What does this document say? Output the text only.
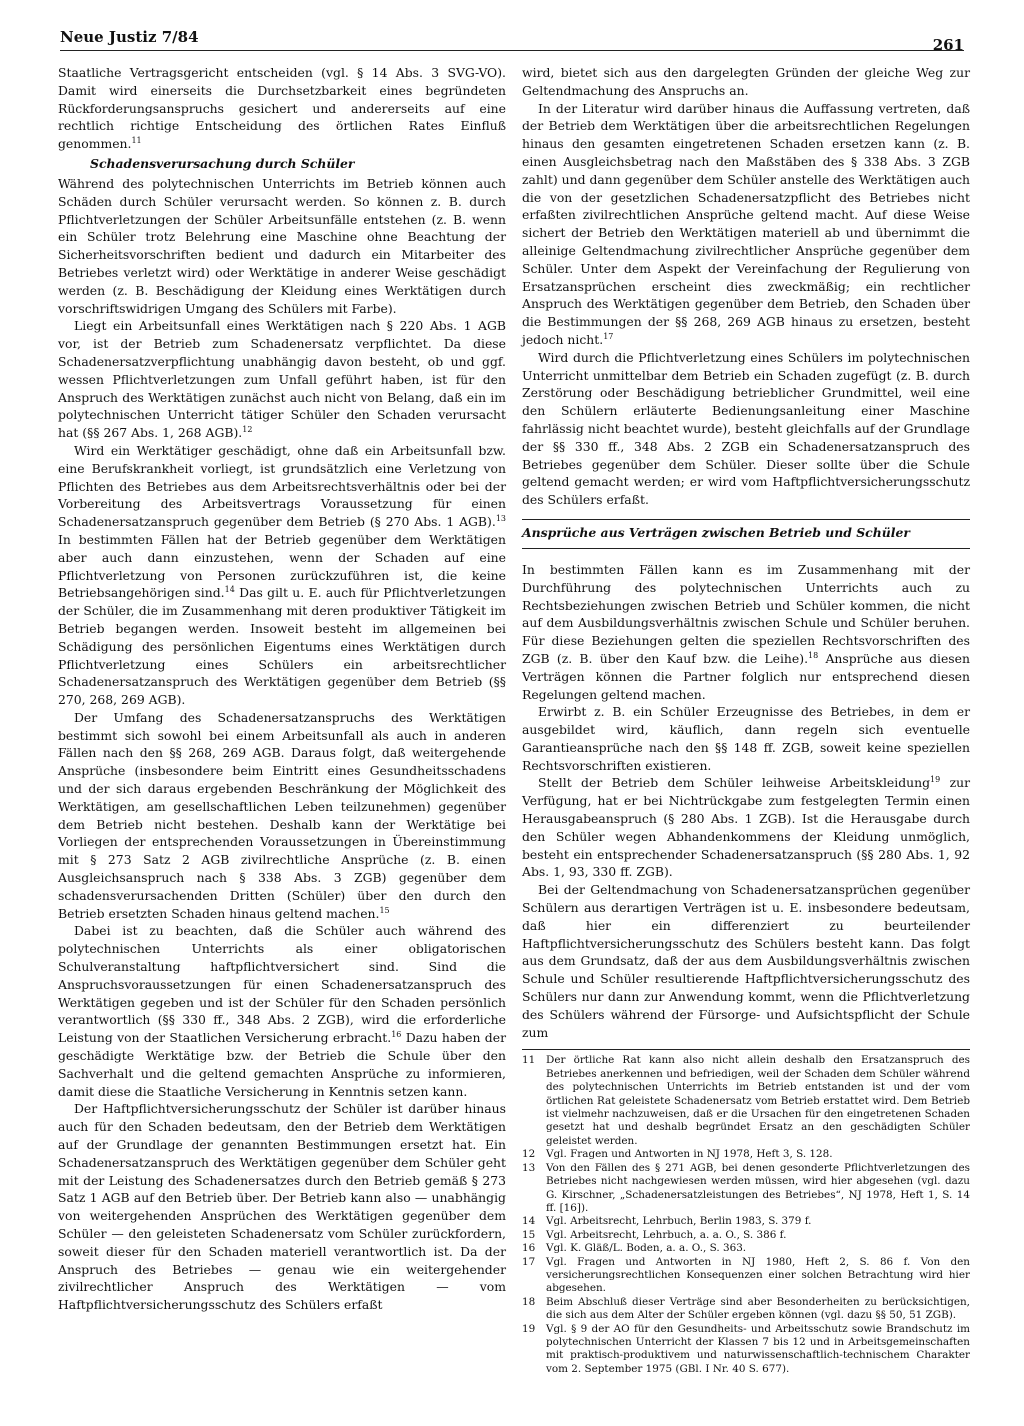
Neue Justiz 7/84	261

Staatliche Vertragsgericht entscheiden (vgl. § 14 Abs. 3 SVG-VO). Damit wird einerseits die Durchsetzbarkeit eines begründeten Rückforderungsanspruchs gesichert und andererseits auf eine rechtlich richtige Entscheidung des örtlichen Rates Einfluß genommen.$^{11}$

Schadensverursachung durch Schüler

Während des polytechnischen Unterrichts im Betrieb können auch Schäden durch Schüler verursacht werden. So können z. B. durch Pflichtverletzungen der Schüler Arbeitsunfälle entstehen (z. B. wenn ein Schüler trotz Belehrung eine Maschine ohne Beachtung der Sicherheitsvorschriften bedient und dadurch ein Mitarbeiter des Betriebes verletzt wird) oder Werktätige in anderer Weise geschädigt werden (z. B. Beschädigung der Kleidung eines Werktätigen durch vorschriftswidrigen Umgang des Schülers mit Farbe).

Liegt ein Arbeitsunfall eines Werktätigen nach § 220 Abs. 1 AGB vor, ist der Betrieb zum Schadenersatz verpflichtet. Da diese Schadenersatzverpflichtung unabhängig davon besteht, ob und ggf. wessen Pflichtverletzungen zum Unfall geführt haben, ist für den Anspruch des Werktätigen zunächst auch nicht von Belang, daß ein im polytechnischen Unterricht tätiger Schüler den Schaden verursacht hat (§§ 267 Abs. 1, 268 AGB).$^{12}$

Wird ein Werktätiger geschädigt, ohne daß ein Arbeitsunfall bzw. eine Berufskrankheit vorliegt, ist grundsätzlich eine Verletzung von Pflichten des Betriebes aus dem Arbeitsrechtsverhältnis oder bei der Vorbereitung des Arbeitsvertrags Voraussetzung für einen Schadenersatzanspruch gegenüber dem Betrieb (§ 270 Abs. 1 AGB).$^{13}$ In bestimmten Fällen hat der Betrieb gegenüber dem Werktätigen aber auch dann einzustehen, wenn der Schaden auf eine Pflichtverletzung von Personen zurückzuführen ist, die keine Betriebsangehörigen sind.$^{14}$ Das gilt u. E. auch für Pflichtverletzungen der Schüler, die im Zusammenhang mit deren produktiver Tätigkeit im Betrieb begangen werden. Insoweit besteht im allgemeinen bei Schädigung des persönlichen Eigentums eines Werktätigen durch Pflichtverletzung eines Schülers ein arbeitsrechtlicher Schadenersatzanspruch des Werktätigen gegenüber dem Betrieb (§§ 270, 268, 269 AGB).

Der Umfang des Schadenersatzanspruchs des Werktätigen bestimmt sich sowohl bei einem Arbeitsunfall als auch in anderen Fällen nach den §§ 268, 269 AGB. Daraus folgt, daß weitergehende Ansprüche (insbesondere beim Eintritt eines Gesundheitsschadens und der sich daraus ergebenden Beschränkung der Möglichkeit des Werktätigen, am gesellschaftlichen Leben teilzunehmen) gegenüber dem Betrieb nicht bestehen. Deshalb kann der Werktätige bei Vorliegen der entsprechenden Voraussetzungen in Übereinstimmung mit § 273 Satz 2 AGB zivilrechtliche Ansprüche (z. B. einen Ausgleichsanspruch nach § 338 Abs. 3 ZGB) gegenüber dem schadensverursachenden Dritten (Schüler) über den durch den Betrieb ersetzten Schaden hinaus geltend machen.$^{15}$

Dabei ist zu beachten, daß die Schüler auch während des polytechnischen Unterrichts als einer obligatorischen Schulveranstaltung haftpflichtversichert sind. Sind die Anspruchsvoraussetzungen für einen Schadenersatzanspruch des Werktätigen gegeben und ist der Schüler für den Schaden persönlich verantwortlich (§§ 330 ff., 348 Abs. 2 ZGB), wird die erforderliche Leistung von der Staatlichen Versicherung erbracht.$^{16}$ Dazu haben der geschädigte Werktätige bzw. der Betrieb die Schule über den Sachverhalt und die geltend gemachten Ansprüche zu informieren, damit diese die Staatliche Versicherung in Kenntnis setzen kann.

Der Haftpflichtversicherungsschutz der Schüler ist darüber hinaus auch für den Schaden bedeutsam, den der Betrieb dem Werktätigen auf der Grundlage der genannten Bestimmungen ersetzt hat. Ein Schadenersatzanspruch des Werktätigen gegenüber dem Schüler geht mit der Leistung des Schadenersatzes durch den Betrieb gemäß § 273 Satz 1 AGB auf den Betrieb über. Der Betrieb kann also — unabhängig von weitergehenden Ansprüchen des Werktätigen gegenüber dem Schüler — den geleisteten Schadenersatz vom Schüler zurückfordern, soweit dieser für den Schaden materiell verantwortlich ist. Da der Anspruch des Betriebes — genau wie ein weitergehender zivilrechtlicher Anspruch des Werktätigen — vom Haftpflichtversicherungsschutz des Schülers erfaßt

wird, bietet sich aus den dargelegten Gründen der gleiche Weg zur Geltendmachung des Anspruchs an.

In der Literatur wird darüber hinaus die Auffassung vertreten, daß der Betrieb dem Werktätigen über die arbeitsrechtlichen Regelungen hinaus den gesamten eingetretenen Schaden ersetzen kann (z. B. einen Ausgleichsbetrag nach den Maßstäben des § 338 Abs. 3 ZGB zahlt) und dann gegenüber dem Schüler anstelle des Werktätigen auch die von der gesetzlichen Schadenersatzpflicht des Betriebes nicht erfaßten zivilrechtlichen Ansprüche geltend macht. Auf diese Weise sichert der Betrieb den Werktätigen materiell ab und übernimmt die alleinige Geltendmachung zivilrechtlicher Ansprüche gegenüber dem Schüler. Unter dem Aspekt der Vereinfachung der Regulierung von Ersatzansprüchen erscheint dies zweckmäßig; ein rechtlicher Anspruch des Werktätigen gegenüber dem Betrieb, den Schaden über die Bestimmungen der §§ 268, 269 AGB hinaus zu ersetzen, besteht jedoch nicht.$^{17}$

Wird durch die Pflichtverletzung eines Schülers im polytechnischen Unterricht unmittelbar dem Betrieb ein Schaden zugefügt (z. B. durch Zerstörung oder Beschädigung betrieblicher Grundmittel, weil eine den Schülern erläuterte Bedienungsanleitung einer Maschine fahrlässig nicht beachtet wurde), besteht gleichfalls auf der Grundlage der §§ 330 ff., 348 Abs. 2 ZGB ein Schadenersatzanspruch des Betriebes gegenüber dem Schüler. Dieser sollte über die Schule geltend gemacht werden; er wird vom Haftpflichtversicherungsschutz des Schülers erfaßt.

Ansprüche aus Verträgen zwischen Betrieb und Schüler

In bestimmten Fällen kann es im Zusammenhang mit der Durchführung des polytechnischen Unterrichts auch zu Rechtsbeziehungen zwischen Betrieb und Schüler kommen, die nicht auf dem Ausbildungsverhältnis zwischen Schule und Schüler beruhen. Für diese Beziehungen gelten die speziellen Rechtsvorschriften des ZGB (z. B. über den Kauf bzw. die Leihe).$^{18}$ Ansprüche aus diesen Verträgen können die Partner folglich nur entsprechend diesen Regelungen geltend machen.

Erwirbt z. B. ein Schüler Erzeugnisse des Betriebes, in dem er ausgebildet wird, käuflich, dann regeln sich eventuelle Garantieansprüche nach den §§ 148 ff. ZGB, soweit keine speziellen Rechtsvorschriften existieren.

Stellt der Betrieb dem Schüler leihweise Arbeitskleidung$^{19}$ zur Verfügung, hat er bei Nichtrückgabe zum festgelegten Termin einen Herausgabeanspruch (§ 280 Abs. 1 ZGB). Ist die Herausgabe durch den Schüler wegen Abhandenkommens der Kleidung unmöglich, besteht ein entsprechender Schadenersatzanspruch (§§ 280 Abs. 1, 92 Abs. 1, 93, 330 ff. ZGB).

Bei der Geltendmachung von Schadenersatzansprüchen gegenüber Schülern aus derartigen Verträgen ist u. E. insbesondere bedeutsam, daß hier ein differenziert zu beurteilender Haftpflichtversicherungsschutz des Schülers besteht kann. Das folgt aus dem Grundsatz, daß der aus dem Ausbildungsverhältnis zwischen Schule und Schüler resultierende Haftpflichtversicherungsschutz des Schülers nur dann zur Anwendung kommt, wenn die Pflichtverletzung des Schülers während der Fürsorge- und Aufsichtspflicht der Schule zum

11	Der örtliche Rat kann also nicht allein deshalb den Ersatzanspruch des Betriebes anerkennen und befriedigen, weil der Schaden dem Schüler während des polytechnischen Unterrichts im Betrieb entstanden ist und der vom örtlichen Rat geleistete Schadenersatz vom Betrieb erstattet wird. Dem Betrieb ist vielmehr nachzuweisen, daß er die Ursachen für den eingetretenen Schaden gesetzt hat und deshalb begründet Ersatz an den geschädigten Schüler geleistet werden.
12	Vgl. Fragen und Antworten in NJ 1978, Heft 3, S. 128.
13	Von den Fällen des § 271 AGB, bei denen gesonderte Pflichtverletzungen des Betriebes nicht nachgewiesen werden müssen, wird hier abgesehen (vgl. dazu G. Kirschner, „Schadenersatzleistungen des Betriebes“, NJ 1978, Heft 1, S. 14 ff. [16]).
14	Vgl. Arbeitsrecht, Lehrbuch, Berlin 1983, S. 379 f.
15	Vgl. Arbeitsrecht, Lehrbuch, a. a. O., S. 386 f.
16	Vgl. K. Gläß/L. Boden, a. a. O., S. 363.
17	Vgl. Fragen und Antworten in NJ 1980, Heft 2, S. 86 f. Von den versicherungsrechtlichen Konsequenzen einer solchen Betrachtung wird hier abgesehen.
18	Beim Abschluß dieser Verträge sind aber Besonderheiten zu berücksichtigen, die sich aus dem Alter der Schüler ergeben können (vgl. dazu §§ 50, 51 ZGB).
19	Vgl. § 9 der AO für den Gesundheits- und Arbeitsschutz sowie Brandschutz im polytechnischen Unterricht der Klassen 7 bis 12 und in Arbeitsgemeinschaften mit praktisch-produktivem und naturwissenschaftlich-technischem Charakter vom 2. September 1975 (GBl. I Nr. 40 S. 677).
